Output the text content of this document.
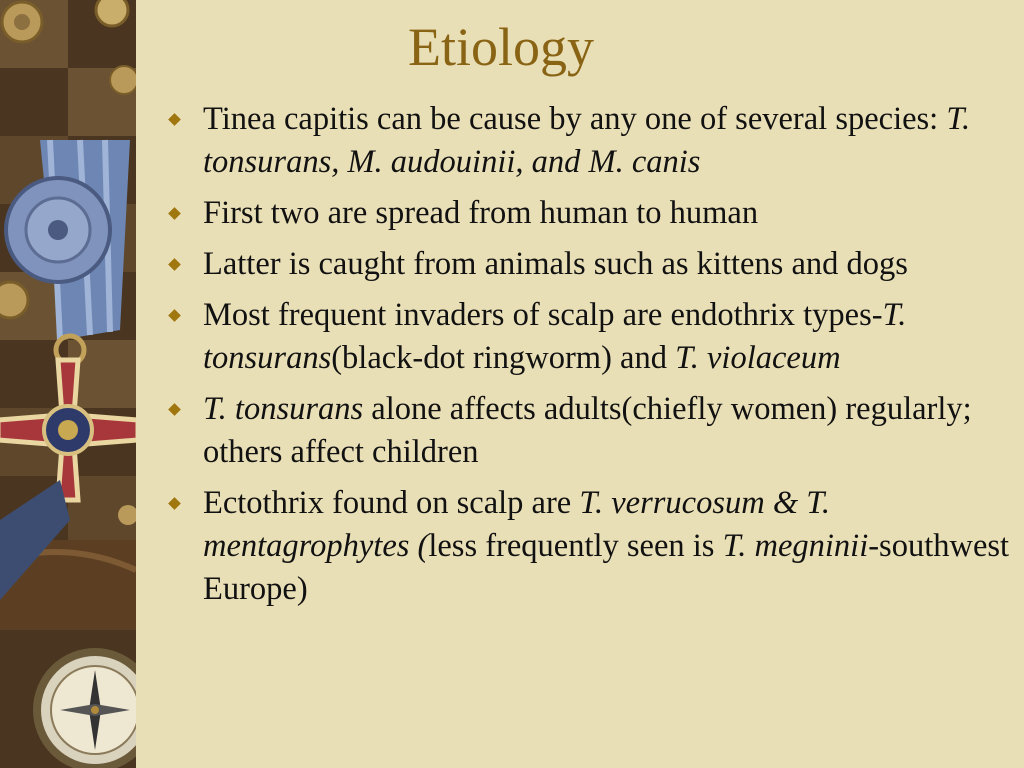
Etiology
Tinea capitis can be cause by any one of several species: T. tonsurans, M. audouinii, and M. canis
First two are spread from human to human
Latter is caught from animals such as kittens and dogs
Most frequent invaders of scalp are endothrix types-T. tonsurans(black-dot ringworm) and T. violaceum
T. tonsurans alone affects adults(chiefly women) regularly; others affect children
Ectothrix found on scalp are T. verrucosum & T. mentagrophytes (less frequently seen is T. megninii-southwest Europe)
